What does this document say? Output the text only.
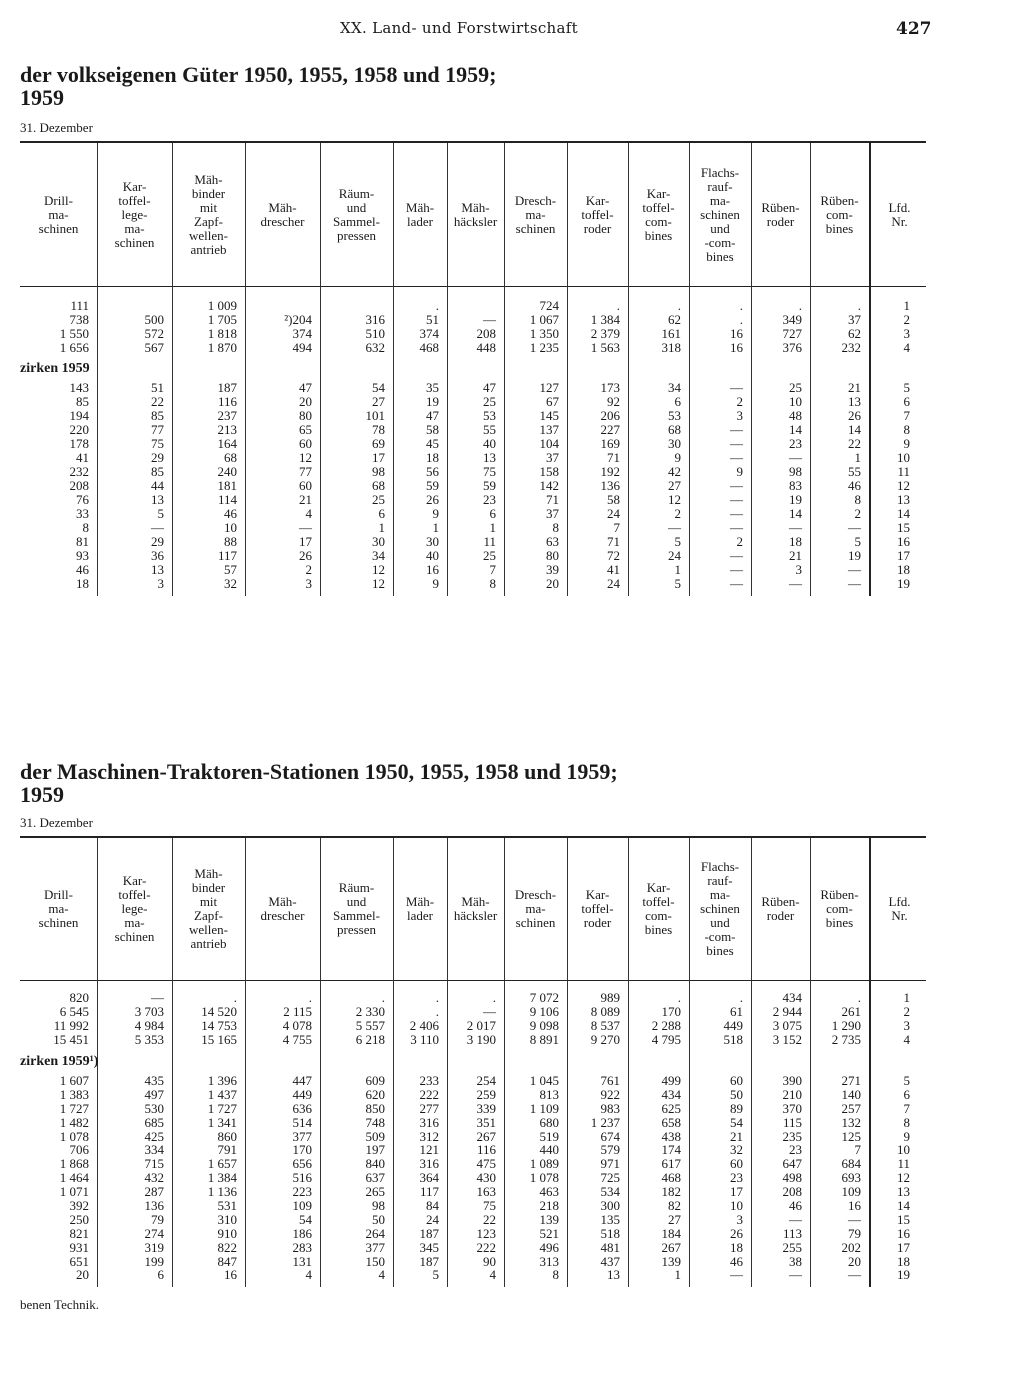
XX. Land- und Forstwirtschaft	427
der volkseigenen Güter 1950, 1955, 1958 und 1959;
1959
31. Dezember
Drill-
ma-
schinen
111
738
1 550
1 656
143
85
194
220
178
41
232
208
76
33
8
81
93
46
18
Kar-
toffel-
lege-
ma-
schinen
500
572
567
51
22
85
77
75
29
85
44
13
5
—
29
36
13
3
Mäh-
binder
mit
Zapf-
wellen-
antrieb
1 009
1 705
1 818
1 870
187
116
237
213
164
68
240
181
114
46
10
88
117
57
32
Mäh-
drescher
²)204
374
494
47
20
80
65
60
12
77
60
21
4
—
17
26
2
3
Räum-
und
Sammel-
pressen
316
510
632
54
27
101
78
69
17
98
68
25
6
1
30
34
12
12
Mäh-
lader
.
51
374
468
35
19
47
58
45
18
56
59
26
9
1
30
40
16
9
Mäh-
häcksler
—
208
448
47
25
53
55
40
13
75
59
23
6
1
11
25
7
8
Dresch-
ma-
schinen
724
1 067
1 350
1 235
127
67
145
137
104
37
158
142
71
37
8
63
80
39
20
Kar-
toffel-
roder
.
1 384
2 379
1 563
173
92
206
227
169
71
192
136
58
24
7
71
72
41
24
Kar-
toffel-
com-
bines
.
62
161
318
34
6
53
68
30
9
42
27
12
2
—
5
24
1
5
Flachs-
rauf-
ma-
schinen
und
-com-
bines
.
.
16
16
—
2
3
—
—
—
9
—
—
—
—
2
—
—
—
Rüben-
roder
.
349
727
376
25
10
48
14
23
—
98
83
19
14
—
18
21
3
—
Rüben-
com-
bines
.
37
62
232
21
13
26
14
22
1
55
46
8
2
—
5
19
—
—
Lfd.
Nr.
1
2
3
4
5
6
7
8
9
10
11
12
13
14
15
16
17
18
19
zirken 1959
der Maschinen-Traktoren-Stationen 1950, 1955, 1958 und 1959;
1959
31. Dezember
Drill-
ma-
schinen
820
6 545
11 992
15 451
1 607
1 383
1 727
1 482
1 078
706
1 868
1 464
1 071
392
250
821
931
651
20
Kar-
toffel-
lege-
ma-
schinen
—
3 703
4 984
5 353
435
497
530
685
425
334
715
432
287
136
79
274
319
199
6
Mäh-
binder
mit
Zapf-
wellen-
antrieb
.
14 520
14 753
15 165
1 396
1 437
1 727
1 341
860
791
1 657
1 384
1 136
531
310
910
822
847
16
Mäh-
drescher
.
2 115
4 078
4 755
447
449
636
514
377
170
656
516
223
109
54
186
283
131
4
Räum-
und
Sammel-
pressen
.
2 330
5 557
6 218
609
620
850
748
509
197
840
637
265
98
50
264
377
150
4
Mäh-
lader
.
.
2 406
3 110
233
222
277
316
312
121
316
364
117
84
24
187
345
187
5
Mäh-
häcksler
.
—
2 017
3 190
254
259
339
351
267
116
475
430
163
75
22
123
222
90
4
Dresch-
ma-
schinen
7 072
9 106
9 098
8 891
1 045
813
1 109
680
519
440
1 089
1 078
463
218
139
521
496
313
8
Kar-
toffel-
roder
989
8 089
8 537
9 270
761
922
983
1 237
674
579
971
725
534
300
135
518
481
437
13
Kar-
toffel-
com-
bines
.
170
2 288
4 795
499
434
625
658
438
174
617
468
182
82
27
184
267
139
1
Flachs-
rauf-
ma-
schinen
und
-com-
bines
.
61
449
518
60
50
89
54
21
32
60
23
17
10
3
26
18
46
—
Rüben-
roder
434
2 944
3 075
3 152
390
210
370
115
235
23
647
498
208
46
—
113
255
38
—
Rüben-
com-
bines
.
261
1 290
2 735
271
140
257
132
125
7
684
693
109
16
—
79
202
20
—
Lfd.
Nr.
1
2
3
4
5
6
7
8
9
10
11
12
13
14
15
16
17
18
19
zirken 1959¹)
benen Technik.
